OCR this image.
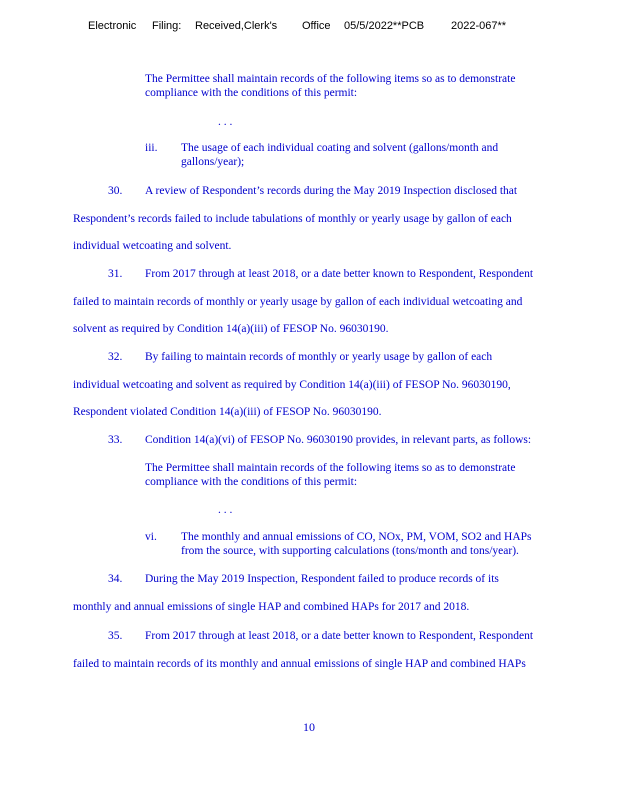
Electronic Filing: Received,Clerk's Office 05/5/2022**PCB 2022-067**
The Permittee shall maintain records of the following items so as to demonstrate
compliance with the conditions of this permit:
. . .
iii. The usage of each individual coating and solvent (gallons/month and
gallons/year);
30. A review of Respondent’s records during the May 2019 Inspection disclosed that
Respondent’s records failed to include tabulations of monthly or yearly usage by gallon of each
individual wetcoating and solvent.
31. From 2017 through at least 2018, or a date better known to Respondent, Respondent
failed to maintain records of monthly or yearly usage by gallon of each individual wetcoating and
solvent as required by Condition 14(a)(iii) of FESOP No. 96030190.
32. By failing to maintain records of monthly or yearly usage by gallon of each
individual wetcoating and solvent as required by Condition 14(a)(iii) of FESOP No. 96030190,
Respondent violated Condition 14(a)(iii) of FESOP No. 96030190.
33. Condition 14(a)(vi) of FESOP No. 96030190 provides, in relevant parts, as follows:
The Permittee shall maintain records of the following items so as to demonstrate
compliance with the conditions of this permit:
. . .
vi. The monthly and annual emissions of CO, NOx, PM, VOM, SO2 and HAPs
from the source, with supporting calculations (tons/month and tons/year).
34. During the May 2019 Inspection, Respondent failed to produce records of its
monthly and annual emissions of single HAP and combined HAPs for 2017 and 2018.
35. From 2017 through at least 2018, or a date better known to Respondent, Respondent
failed to maintain records of its monthly and annual emissions of single HAP and combined HAPs
10
